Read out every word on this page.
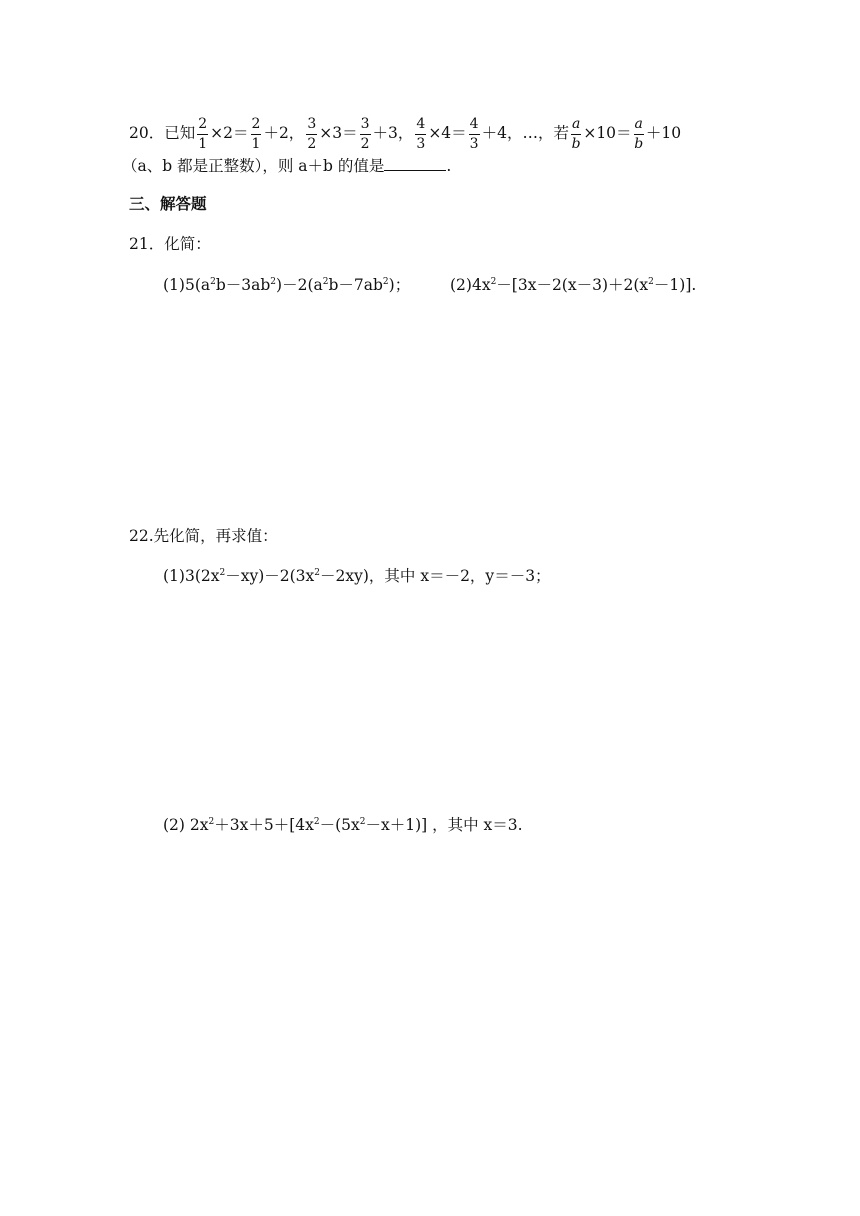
20．已知 $\frac{2}{1} \times 2= \frac{2}{1} +2$， $\frac{3}{2} \times 3= \frac{3}{2} +3$， $\frac{4}{3} \times 4= \frac{4}{3} +4$，…，若 $\frac{a}{b} \times 10= \frac{a}{b} +10$
（a、b 都是正整数），则 a＋b 的值是	.
三、解答题
21．化简：
$(1)5(a^2b-3ab^2)-2(a^2b-7ab^2)$；	$(2)4x^2-[3x-2(x-3)+2(x^2-1)]$.
22.先化简，再求值：
$(1)3(2x^2-xy)-2(3x^2-2xy)$，其中 x＝－2，y＝－3；
(2) $2x^2+3x+5+[4x^2-(5x^2-x+1)]$ ，其中 x＝3.
